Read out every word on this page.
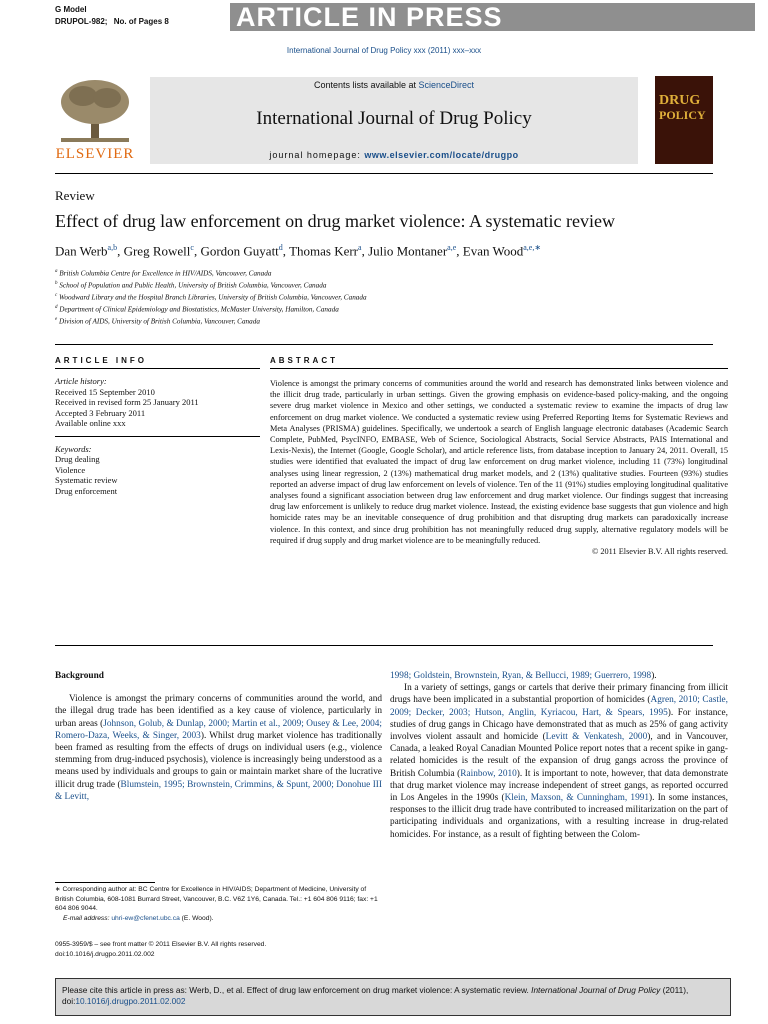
G Model
DRUPOL-982; No. of Pages 8 ARTICLE IN PRESS
International Journal of Drug Policy xxx (2011) xxx–xxx
ELSEVIER
Contents lists available at ScienceDirect
International Journal of Drug Policy
journal homepage: www.elsevier.com/locate/drugpo
DRUG
POLICY
Review
Effect of drug law enforcement on drug market violence: A systematic review
Dan Werb$^{a,b}$, Greg Rowell$^c$, Gordon Guyatt$^d$, Thomas Kerr$^a$, Julio Montaner$^{a,e}$, Evan Wood$^{a,e,∗}$
$^a$ British Columbia Centre for Excellence in HIV/AIDS, Vancouver, Canada
$^b$ School of Population and Public Health, University of British Columbia, Vancouver, Canada
$^c$ Woodward Library and the Hospital Branch Libraries, University of British Columbia, Vancouver, Canada
$^d$ Department of Clinical Epidemiology and Biostatistics, McMaster University, Hamilton, Canada
$^e$ Division of AIDS, University of British Columbia, Vancouver, Canada
ARTICLE INFO
Article history:
Received 15 September 2010
Received in revised form 25 January 2011
Accepted 3 February 2011
Available online xxx
Keywords:
Drug dealing
Violence
Systematic review
Drug enforcement
ABSTRACT

Violence is amongst the primary concerns of communities around the world and research has demonstrated links between violence and the illicit drug trade, particularly in urban settings. Given the growing emphasis on evidence-based policy-making, and the ongoing severe drug market violence in Mexico and other settings, we conducted a systematic review to examine the impacts of drug law enforcement on drug market violence. We conducted a systematic review using Preferred Reporting Items for Systematic Reviews and Meta Analyses (PRISMA) guidelines. Specifically, we undertook a search of English language electronic databases (Academic Search Complete, PubMed, PsycINFO, EMBASE, Web of Science, Sociological Abstracts, Social Service Abstracts, PAIS International and Lexis-Nexis), the Internet (Google, Google Scholar), and article reference lists, from database inception to January 24, 2011. Overall, 15 studies were identified that evaluated the impact of drug law enforcement on drug market violence, including 11 (73%) longitudinal analyses using linear regression, 2 (13%) mathematical drug market models, and 2 (13%) qualitative studies. Fourteen (93%) studies reported an adverse impact of drug law enforcement on levels of violence. Ten of the 11 (91%) studies employing longitudinal qualitative analyses found a significant association between drug law enforcement and drug market violence. Our findings suggest that increasing drug law enforcement is unlikely to reduce drug market violence. Instead, the existing evidence base suggests that gun violence and high homicide rates may be an inevitable consequence of drug prohibition and that disrupting drug markets can paradoxically increase violence. In this context, and since drug prohibition has not meaningfully reduced drug supply, alternative regulatory models will be required if drug supply and drug market violence are to be meaningfully reduced.

© 2011 Elsevier B.V. All rights reserved.

Background

Violence is amongst the primary concerns of communities around the world, and the illegal drug trade has been identified as a key cause of violence, particularly in urban areas (Johnson, Golub, & Dunlap, 2000; Martin et al., 2009; Ousey & Lee, 2004; Romero-Daza, Weeks, & Singer, 2003). Whilst drug market violence has traditionally been framed as resulting from the effects of drugs on individual users (e.g., violence stemming from drug-induced psychosis), violence is increasingly being understood as a means used by individuals and groups to gain or maintain market share of the lucrative illicit drug trade (Blumstein, 1995; Brownstein, Crimmins, & Spunt, 2000; Donohue III & Levitt,

1998; Goldstein, Brownstein, Ryan, & Bellucci, 1989; Guerrero, 1998).

In a variety of settings, gangs or cartels that derive their primary financing from illicit drugs have been implicated in a substantial proportion of homicides (Agren, 2010; Castle, 2009; Decker, 2003; Hutson, Anglin, Kyriacou, Hart, & Spears, 1995). For instance, studies of drug gangs in Chicago have demonstrated that as much as 25% of gang activity involves violent assault and homicide (Levitt & Venkatesh, 2000), and in Vancouver, Canada, a leaked Royal Canadian Mounted Police report notes that a recent spike in gang-related homicides is the result of the expansion of drug gangs across the province of British Columbia (Rainbow, 2010). It is important to note, however, that data demonstrate that drug market violence may increase independent of street gangs, as reported occurred in Los Angeles in the 1990s (Klein, Maxson, & Cunningham, 1991). In some instances, responses to the illicit drug trade have contributed to increased militarization on the part of participating individuals and organizations, with a resulting increase in drug-related homicides. For instance, as a result of fighting between the Colom-

∗ Corresponding author at: BC Centre for Excellence in HIV/AIDS; Department of Medicine, University of British Columbia, 608-1081 Burrard Street, Vancouver, B.C. V6Z 1Y6, Canada. Tel.: +1 604 806 9116; fax: +1 604 806 9044.
E-mail address: uhri-ew@cfenet.ubc.ca (E. Wood).
0955-3959/$ – see front matter © 2011 Elsevier B.V. All rights reserved.
doi:10.1016/j.drugpo.2011.02.002
Please cite this article in press as: Werb, D., et al. Effect of drug law enforcement on drug market violence: A systematic review. International Journal of Drug Policy (2011), doi:10.1016/j.drugpo.2011.02.002
